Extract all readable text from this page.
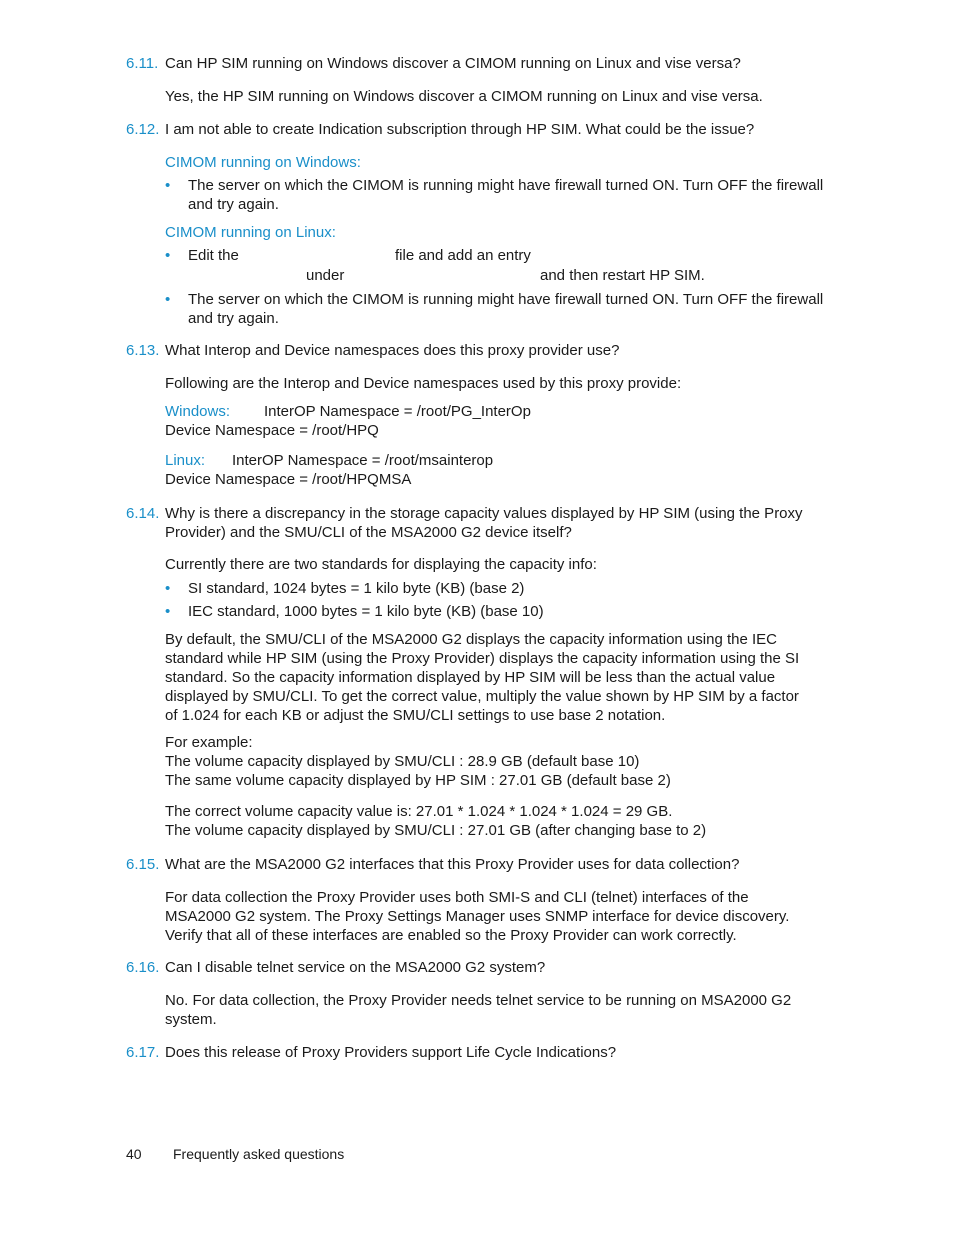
6.11. Can HP SIM running on Windows discover a CIMOM running on Linux and vise versa?
Yes, the HP SIM running on Windows discover a CIMOM running on Linux and vise versa.
6.12. I am not able to create Indication subscription through HP SIM. What could be the issue?
CIMOM running on Windows:
• The server on which the CIMOM is running might have firewall turned ON. Turn OFF the firewall and try again.
CIMOM running on Linux:
• Edit the	file and add an entry
under	and then restart HP SIM.
• The server on which the CIMOM is running might have firewall turned ON. Turn OFF the firewall and try again.
6.13. What Interop and Device namespaces does this proxy provider use?
Following are the Interop and Device namespaces used by this proxy provide:
Windows: InterOP Namespace = /root/PG_InterOp
Device Namespace = /root/HPQ
Linux: InterOP Namespace = /root/msainterop
Device Namespace = /root/HPQMSA
6.14. Why is there a discrepancy in the storage capacity values displayed by HP SIM (using the Proxy Provider) and the SMU/CLI of the MSA2000 G2 device itself?
Currently there are two standards for displaying the capacity info:
• SI standard, 1024 bytes = 1 kilo byte (KB) (base 2)
• IEC standard, 1000 bytes = 1 kilo byte (KB) (base 10)
By default, the SMU/CLI of the MSA2000 G2 displays the capacity information using the IEC standard while HP SIM (using the Proxy Provider) displays the capacity information using the SI standard. So the capacity information displayed by HP SIM will be less than the actual value displayed by SMU/CLI. To get the correct value, multiply the value shown by HP SIM by a factor of 1.024 for each KB or adjust the SMU/CLI settings to use base 2 notation.
For example:
The volume capacity displayed by SMU/CLI : 28.9 GB (default base 10)
The same volume capacity displayed by HP SIM : 27.01 GB (default base 2)
The correct volume capacity value is: 27.01 * 1.024 * 1.024 * 1.024 = 29 GB.
The volume capacity displayed by SMU/CLI : 27.01 GB (after changing base to 2)
6.15. What are the MSA2000 G2 interfaces that this Proxy Provider uses for data collection?
For data collection the Proxy Provider uses both SMI-S and CLI (telnet) interfaces of the MSA2000 G2 system. The Proxy Settings Manager uses SNMP interface for device discovery. Verify that all of these interfaces are enabled so the Proxy Provider can work correctly.
6.16. Can I disable telnet service on the MSA2000 G2 system?
No. For data collection, the Proxy Provider needs telnet service to be running on MSA2000 G2 system.
6.17. Does this release of Proxy Providers support Life Cycle Indications?
40 Frequently asked questions
